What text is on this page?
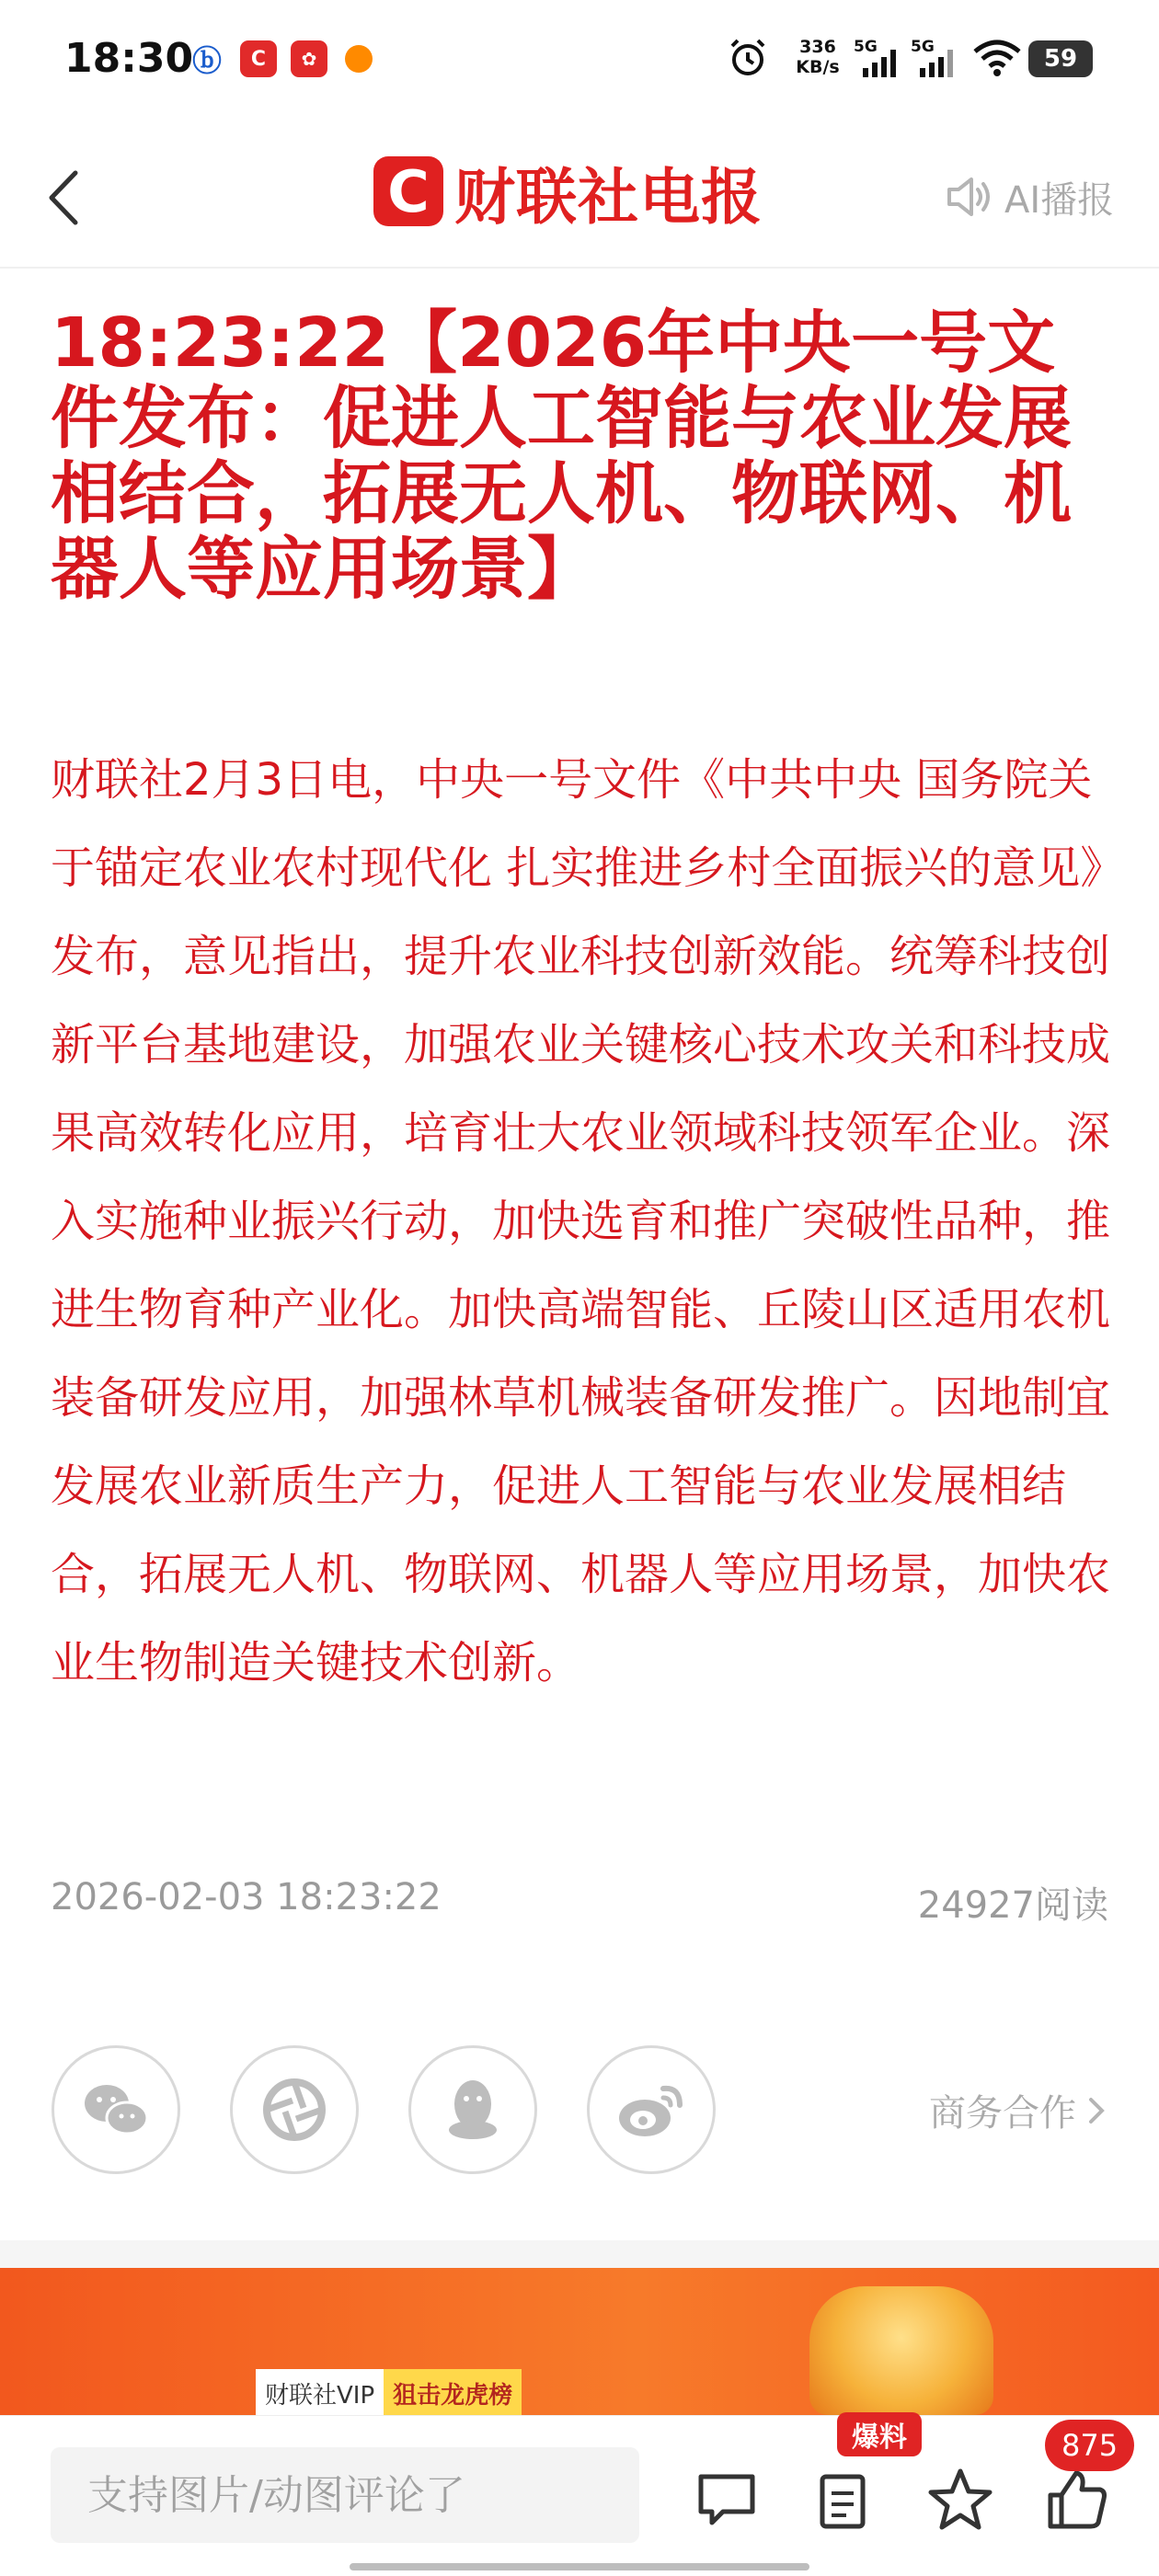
18:30
ⓑ	C	✿
336
KB/s
5G 5G	59
C 财联社电报	AI播报
18:23:22【2026年中央一号文件发布：促进人工智能与农业发展相结合，拓展无人机、物联网、机器人等应用场景】

财联社2月3日电，中央一号文件《中共中央 国务院关于锚定农业农村现代化 扎实推进乡村全面振兴的意见》发布，意见指出，提升农业科技创新效能。统筹科技创新平台基地建设，加强农业关键核心技术攻关和科技成果高效转化应用，培育壮大农业领域科技领军企业。深入实施种业振兴行动，加快选育和推广突破性品种，推进生物育种产业化。加快高端智能、丘陵山区适用农机装备研发应用，加强林草机械装备研发推广。因地制宜发展农业新质生产力，促进人工智能与农业发展相结合，拓展无人机、物联网、机器人等应用场景，加快农业生物制造关键技术创新。

2026-02-03 18:23:22	24927阅读
商务合作
财联社VIP 狙击龙虎榜
支持图片/动图评论了
爆料	875
